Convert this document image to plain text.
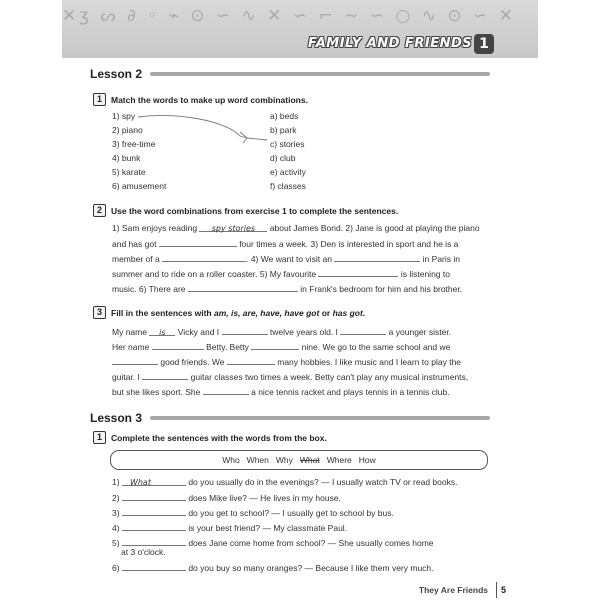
✕ʒ ᔕ ∂ ◦ ⌁ ⊙ ∽ ∿ ✕ ∽ ⌐ ∼ ∽ ○ ∿ ⊙ ∽ ✕
FAMILY AND FRIENDS 1
Lesson 2
1	Match the words to make up word combinations.
1) spy
2) piano
3) free-time
4) bunk
5) karate
6) amusement
a) beds
b) park
c) stories
d) club
e) activity
f) classes
2	Use the word combinations from exercise 1 to complete the sentences.
1) Sam enjoys reading spy stories about James Bond. 2) Jane is good at playing the piano
and has got	four times a week. 3) Den is interested in sport and he is a
member of a	. 4) We want to visit an	in Paris in
summer and to ride on a roller coaster. 5) My favourite	is listening to
music. 6) There are	in Frank's bedroom for him and his brother.
3	Fill in the sentences with am, is, are, have, have got or has got.
My name is Vicky and I	twelve years old. I	a younger sister.
Her name	Betty. Betty	nine. We go to the same school and we
good friends. We	many hobbies. I like music and I learn to play the
guitar. I	guitar classes two times a week. Betty can't play any musical instruments,
but she likes sport. She	a nice tennis racket and plays tennis in a tennis club.
Lesson 3
1	Complete the sentences with the words from the box.
Who When Why What Where How
1) What	do you usually do in the evenings? — I usually watch TV or read books.
2)	does Mike live? — He lives in my house.
3)	do you get to school? — I usually get to school by bus.
4)	is your best friend? — My classmate Paul.
5)	does Jane come home from school? — She usually comes home
at 3 o'clock.
6)	do you buy so many oranges? — Because I like them very much.
They Are Friends	5
